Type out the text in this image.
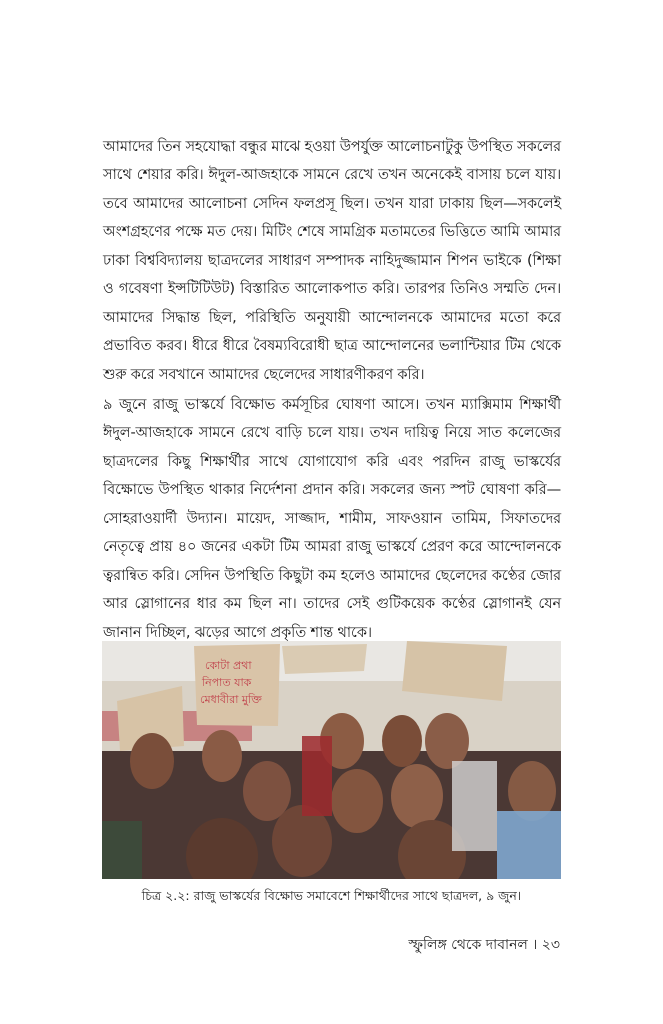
আমাদের তিন সহযোদ্ধা বন্ধুর মাঝে হওয়া উপর্যুক্ত আলোচনাটুকু উপস্থিত সকলের সাথে শেয়ার করি। ঈদুল-আজহাকে সামনে রেখে তখন অনেকেই বাসায় চলে যায়। তবে আমাদের আলোচনা সেদিন ফলপ্রসূ ছিল। তখন যারা ঢাকায় ছিল—সকলেই অংশগ্রহণের পক্ষে মত দেয়। মিটিং শেষে সামগ্রিক মতামতের ভিত্তিতে আমি আমার ঢাকা বিশ্ববিদ্যালয় ছাত্রদলের সাধারণ সম্পাদক নাহিদুজ্জামান শিপন ভাইকে (শিক্ষা ও গবেষণা ইন্সটিটিউট) বিস্তারিত আলোকপাত করি। তারপর তিনিও সম্মতি দেন। আমাদের সিদ্ধান্ত ছিল, পরিস্থিতি অনুযায়ী আন্দোলনকে আমাদের মতো করে প্রভাবিত করব। ধীরে ধীরে বৈষম্যবিরোধী ছাত্র আন্দোলনের ভলান্টিয়ার টিম থেকে শুরু করে সবখানে আমাদের ছেলেদের সাধারণীকরণ করি।

৯ জুনে রাজু ভাস্কর্যে বিক্ষোভ কর্মসূচির ঘোষণা আসে। তখন ম্যাক্সিমাম শিক্ষার্থী ঈদুল-আজহাকে সামনে রেখে বাড়ি চলে যায়। তখন দায়িত্ব নিয়ে সাত কলেজের ছাত্রদলের কিছু শিক্ষার্থীর সাথে যোগাযোগ করি এবং পরদিন রাজু ভাস্কর্যের বিক্ষোভে উপস্থিত থাকার নির্দেশনা প্রদান করি। সকলের জন্য স্পট ঘোষণা করি—সোহরাওয়ার্দী উদ্যান। মায়েদ, সাজ্জাদ, শামীম, সাফওয়ান তামিম, সিফাতদের নেতৃত্বে প্রায় ৪০ জনের একটা টিম আমরা রাজু ভাস্কর্যে প্রেরণ করে আন্দোলনকে ত্বরান্বিত করি। সেদিন উপস্থিতি কিছুটা কম হলেও আমাদের ছেলেদের কণ্ঠের জোর আর স্লোগানের ধার কম ছিল না। তাদের সেই গুটিকয়েক কণ্ঠের স্লোগানই যেন জানান দিচ্ছিল, ঝড়ের আগে প্রকৃতি শান্ত থাকে।

কোটা প্রথা
নিপাত যাক
মেধাবীরা মুক্তি
চিত্র ২.২: রাজু ভাস্কর্যের বিক্ষোভ সমাবেশে শিক্ষার্থীদের সাথে ছাত্রদল, ৯ জুন।
স্ফুলিঙ্গ থেকে দাবানল । ২৩
